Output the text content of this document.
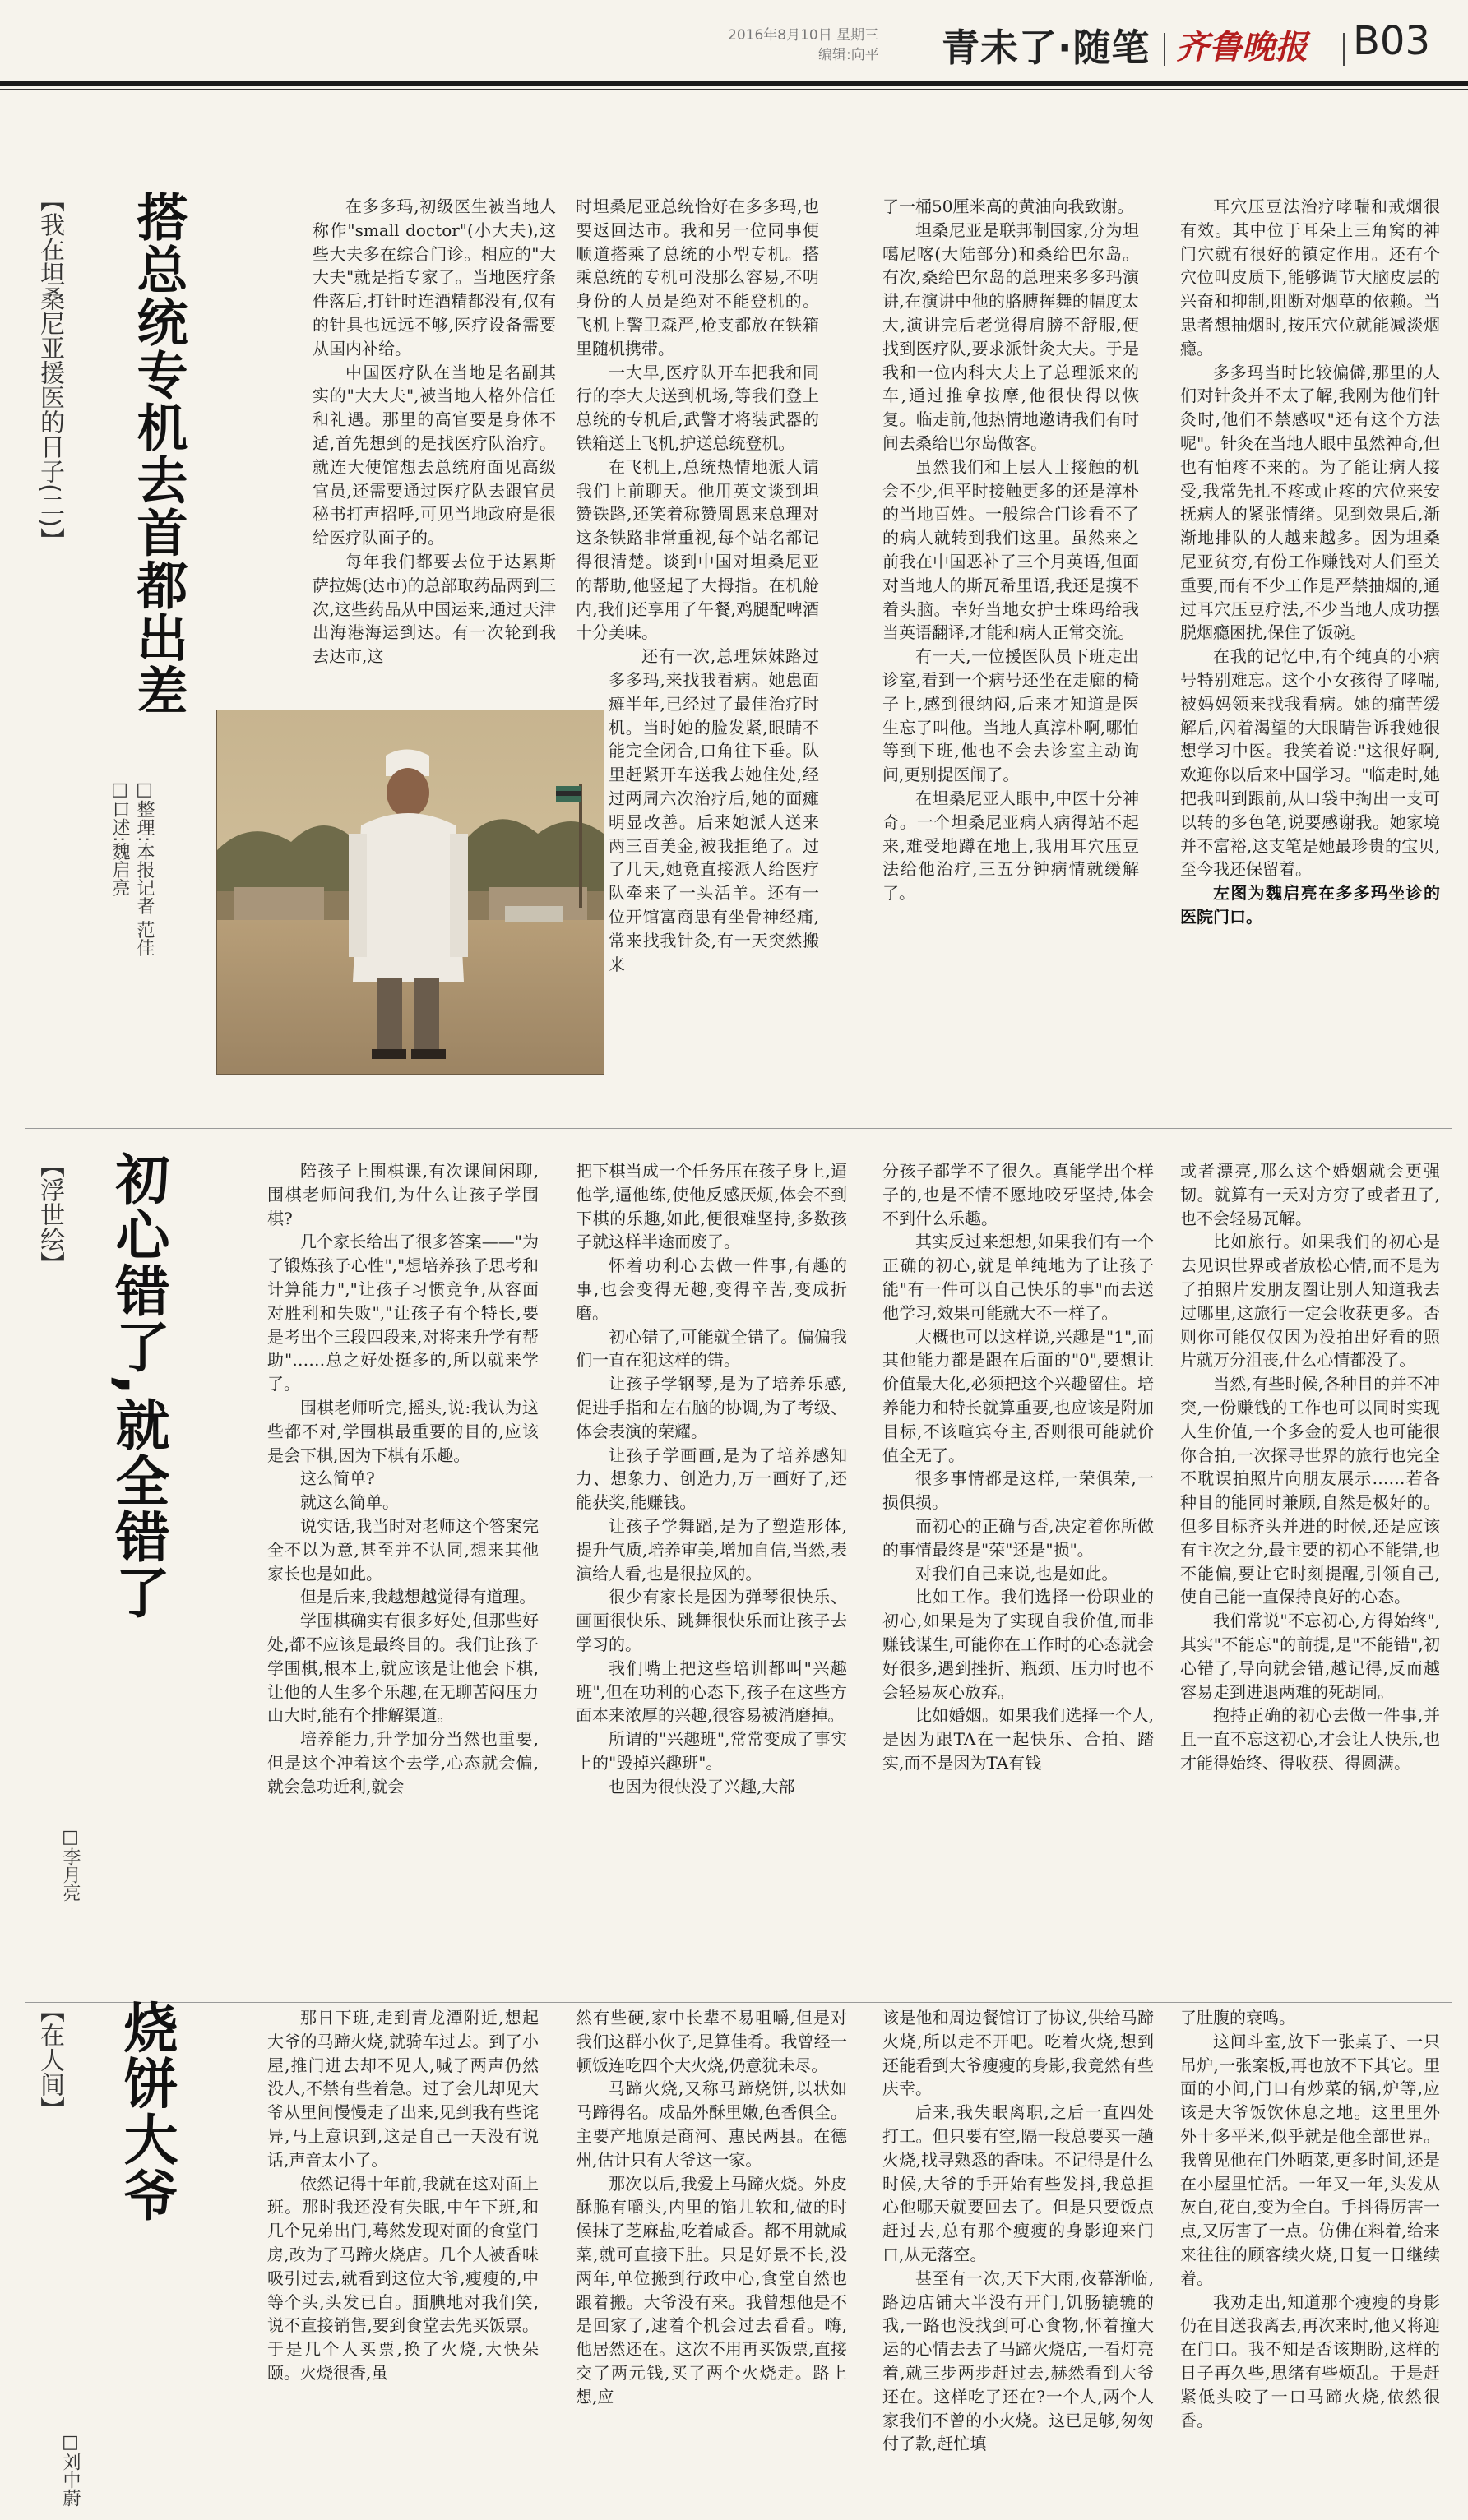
2016年8月10日 星期三
编辑:向平 青未了·随笔 齐鲁晚报 B03
【我在坦桑尼亚援医的日子(二)】 搭总统专机去首都出差
□整理:本报记者 范佳
□口述:魏启亮

在多多玛,初级医生被当地人称作"small doctor"(小大夫),这些大夫多在综合门诊。相应的"大大夫"就是指专家了。当地医疗条件落后,打针时连酒精都没有,仅有的针具也远远不够,医疗设备需要从国内补给。

中国医疗队在当地是名副其实的"大大夫",被当地人格外信任和礼遇。那里的高官要是身体不适,首先想到的是找医疗队治疗。就连大使馆想去总统府面见高级官员,还需要通过医疗队去跟官员秘书打声招呼,可见当地政府是很给医疗队面子的。

每年我们都要去位于达累斯萨拉姆(达市)的总部取药品两到三次,这些药品从中国运来,通过天津出海港海运到达。有一次轮到我去达市,这

时坦桑尼亚总统恰好在多多玛,也要返回达市。我和另一位同事便顺道搭乘了总统的小型专机。搭乘总统的专机可没那么容易,不明身份的人员是绝对不能登机的。飞机上警卫森严,枪支都放在铁箱里随机携带。

一大早,医疗队开车把我和同行的李大夫送到机场,等我们登上总统的专机后,武警才将装武器的铁箱送上飞机,护送总统登机。

在飞机上,总统热情地派人请我们上前聊天。他用英文谈到坦赞铁路,还笑着称赞周恩来总理对这条铁路非常重视,每个站名都记得很清楚。谈到中国对坦桑尼亚的帮助,他竖起了大拇指。在机舱内,我们还享用了午餐,鸡腿配啤酒十分美味。

还有一次,总理妹妹路过多多玛,来找我看病。她患面瘫半年,已经过了最佳治疗时机。当时她的脸发紧,眼睛不能完全闭合,口角往下垂。队里赶紧开车送我去她住处,经过两周六次治疗后,她的面瘫明显改善。后来她派人送来两三百美金,被我拒绝了。过了几天,她竟直接派人给医疗队牵来了一头活羊。还有一位开馆富商患有坐骨神经痛,常来找我针灸,有一天突然搬来

了一桶50厘米高的黄油向我致谢。

坦桑尼亚是联邦制国家,分为坦噶尼喀(大陆部分)和桑给巴尔岛。有次,桑给巴尔岛的总理来多多玛演讲,在演讲中他的胳膊挥舞的幅度太大,演讲完后老觉得肩膀不舒服,便找到医疗队,要求派针灸大夫。于是我和一位内科大夫上了总理派来的车,通过推拿按摩,他很快得以恢复。临走前,他热情地邀请我们有时间去桑给巴尔岛做客。

虽然我们和上层人士接触的机会不少,但平时接触更多的还是淳朴的当地百姓。一般综合门诊看不了的病人就转到我们这里。虽然来之前我在中国恶补了三个月英语,但面对当地人的斯瓦希里语,我还是摸不着头脑。幸好当地女护士珠玛给我当英语翻译,才能和病人正常交流。

有一天,一位援医队员下班走出诊室,看到一个病号还坐在走廊的椅子上,感到很纳闷,后来才知道是医生忘了叫他。当地人真淳朴啊,哪怕等到下班,他也不会去诊室主动询问,更别提医闹了。

在坦桑尼亚人眼中,中医十分神奇。一个坦桑尼亚病人病得站不起来,难受地蹲在地上,我用耳穴压豆法给他治疗,三五分钟病情就缓解了。

耳穴压豆法治疗哮喘和戒烟很有效。其中位于耳朵上三角窝的神门穴就有很好的镇定作用。还有个穴位叫皮质下,能够调节大脑皮层的兴奋和抑制,阻断对烟草的依赖。当患者想抽烟时,按压穴位就能减淡烟瘾。

多多玛当时比较偏僻,那里的人们对针灸并不太了解,我刚为他们针灸时,他们不禁感叹"还有这个方法呢"。针灸在当地人眼中虽然神奇,但也有怕疼不来的。为了能让病人接受,我常先扎不疼或止疼的穴位来安抚病人的紧张情绪。见到效果后,渐渐地排队的人越来越多。因为坦桑尼亚贫穷,有份工作赚钱对人们至关重要,而有不少工作是严禁抽烟的,通过耳穴压豆疗法,不少当地人成功摆脱烟瘾困扰,保住了饭碗。

在我的记忆中,有个纯真的小病号特别难忘。这个小女孩得了哮喘,被妈妈领来找我看病。她的痛苦缓解后,闪着渴望的大眼睛告诉我她很想学习中医。我笑着说:"这很好啊,欢迎你以后来中国学习。"临走时,她把我叫到跟前,从口袋中掏出一支可以转的多色笔,说要感谢我。她家境并不富裕,这支笔是她最珍贵的宝贝,至今我还保留着。

左图为魏启亮在多多玛坐诊的医院门口。

【浮世绘】 初心错了,就全错了
□李月亮

陪孩子上围棋课,有次课间闲聊,围棋老师问我们,为什么让孩子学围棋?

几个家长给出了很多答案——"为了锻炼孩子心性","想培养孩子思考和计算能力","让孩子习惯竞争,从容面对胜利和失败","让孩子有个特长,要是考出个三段四段来,对将来升学有帮助"……总之好处挺多的,所以就来学了。

围棋老师听完,摇头,说:我认为这些都不对,学围棋最重要的目的,应该是会下棋,因为下棋有乐趣。

这么简单?

就这么简单。

说实话,我当时对老师这个答案完全不以为意,甚至并不认同,想来其他家长也是如此。

但是后来,我越想越觉得有道理。

学围棋确实有很多好处,但那些好处,都不应该是最终目的。我们让孩子学围棋,根本上,就应该是让他会下棋,让他的人生多个乐趣,在无聊苦闷压力山大时,能有个排解渠道。

培养能力,升学加分当然也重要,但是这个冲着这个去学,心态就会偏,就会急功近利,就会

把下棋当成一个任务压在孩子身上,逼他学,逼他练,使他反感厌烦,体会不到下棋的乐趣,如此,便很难坚持,多数孩子就这样半途而废了。

怀着功利心去做一件事,有趣的事,也会变得无趣,变得辛苦,变成折磨。

初心错了,可能就全错了。偏偏我们一直在犯这样的错。

让孩子学钢琴,是为了培养乐感,促进手指和左右脑的协调,为了考级、体会表演的荣耀。

让孩子学画画,是为了培养感知力、想象力、创造力,万一画好了,还能获奖,能赚钱。

让孩子学舞蹈,是为了塑造形体,提升气质,培养审美,增加自信,当然,表演给人看,也是很拉风的。

很少有家长是因为弹琴很快乐、画画很快乐、跳舞很快乐而让孩子去学习的。

我们嘴上把这些培训都叫"兴趣班",但在功利的心态下,孩子在这些方面本来浓厚的兴趣,很容易被消磨掉。

所谓的"兴趣班",常常变成了事实上的"毁掉兴趣班"。

也因为很快没了兴趣,大部

分孩子都学不了很久。真能学出个样子的,也是不情不愿地咬牙坚持,体会不到什么乐趣。

其实反过来想想,如果我们有一个正确的初心,就是单纯地为了让孩子能"有一件可以自己快乐的事"而去送他学习,效果可能就大不一样了。

大概也可以这样说,兴趣是"1",而其他能力都是跟在后面的"0",要想让价值最大化,必须把这个兴趣留住。培养能力和特长就算重要,也应该是附加目标,不该喧宾夺主,否则很可能就价值全无了。

很多事情都是这样,一荣俱荣,一损俱损。

而初心的正确与否,决定着你所做的事情最终是"荣"还是"损"。

对我们自己来说,也是如此。

比如工作。我们选择一份职业的初心,如果是为了实现自我价值,而非赚钱谋生,可能你在工作时的心态就会好很多,遇到挫折、瓶颈、压力时也不会轻易灰心放弃。

比如婚姻。如果我们选择一个人,是因为跟TA在一起快乐、合拍、踏实,而不是因为TA有钱

或者漂亮,那么这个婚姻就会更强韧。就算有一天对方穷了或者丑了,也不会轻易瓦解。

比如旅行。如果我们的初心是去见识世界或者放松心情,而不是为了拍照片发朋友圈让别人知道我去过哪里,这旅行一定会收获更多。否则你可能仅仅因为没拍出好看的照片就万分沮丧,什么心情都没了。

当然,有些时候,各种目的并不冲突,一份赚钱的工作也可以同时实现人生价值,一个多金的爱人也可能很你合拍,一次探寻世界的旅行也完全不耽误拍照片向朋友展示……若各种目的能同时兼顾,自然是极好的。但多目标齐头并进的时候,还是应该有主次之分,最主要的初心不能错,也不能偏,要让它时刻提醒,引领自己,使自己能一直保持良好的心态。

我们常说"不忘初心,方得始终",其实"不能忘"的前提,是"不能错",初心错了,导向就会错,越记得,反而越容易走到进退两难的死胡同。

抱持正确的初心去做一件事,并且一直不忘这初心,才会让人快乐,也才能得始终、得收获、得圆满。

【在人间】 烧饼大爷
□刘中蔚

那日下班,走到青龙潭附近,想起大爷的马蹄火烧,就骑车过去。到了小屋,推门进去却不见人,喊了两声仍然没人,不禁有些着急。过了会儿却见大爷从里间慢慢走了出来,见到我有些诧异,马上意识到,这是自己一天没有说话,声音太小了。

依然记得十年前,我就在这对面上班。那时我还没有失眠,中午下班,和几个兄弟出门,蓦然发现对面的食堂门房,改为了马蹄火烧店。几个人被香味吸引过去,就看到这位大爷,瘦瘦的,中等个头,头发已白。腼腆地对我们笑,说不直接销售,要到食堂去先买饭票。于是几个人买票,换了火烧,大快朵颐。火烧很香,虽

然有些硬,家中长辈不易咀嚼,但是对我们这群小伙子,足算佳肴。我曾经一顿饭连吃四个大火烧,仍意犹未尽。

马蹄火烧,又称马蹄烧饼,以状如马蹄得名。成品外酥里嫩,色香俱全。主要产地原是商河、惠民两县。在德州,估计只有大爷这一家。

那次以后,我爱上马蹄火烧。外皮酥脆有嚼头,内里的馅儿软和,做的时候抹了芝麻盐,吃着咸香。都不用就咸菜,就可直接下肚。只是好景不长,没两年,单位搬到行政中心,食堂自然也跟着搬。大爷没有来。我曾想他是不是回家了,逮着个机会过去看看。嗨,他居然还在。这次不用再买饭票,直接交了两元钱,买了两个火烧走。路上想,应

该是他和周边餐馆订了协议,供给马蹄火烧,所以走不开吧。吃着火烧,想到还能看到大爷瘦瘦的身影,我竟然有些庆幸。

后来,我失眠离职,之后一直四处打工。但只要有空,隔一段总要买一趟火烧,找寻熟悉的香味。不记得是什么时候,大爷的手开始有些发抖,我总担心他哪天就要回去了。但是只要饭点赶过去,总有那个瘦瘦的身影迎来门口,从无落空。

甚至有一次,天下大雨,夜幕渐临,路边店铺大半没有开门,饥肠辘辘的我,一路也没找到可心食物,怀着撞大运的心情去去了马蹄火烧店,一看灯亮着,就三步两步赶过去,赫然看到大爷还在。这样吃了还在?一个人,两个人家我们不曾的小火烧。这已足够,匆匆付了款,赶忙填

了肚腹的衰鸣。

这间斗室,放下一张桌子、一只吊炉,一张案板,再也放不下其它。里面的小间,门口有炒菜的锅,炉等,应该是大爷饭饮休息之地。这里里外外十多平米,似乎就是他全部世界。我曾见他在门外晒菜,更多时间,还是在小屋里忙活。一年又一年,头发从灰白,花白,变为全白。手抖得厉害一点,又厉害了一点。仿佛在料着,给来来往往的顾客续火烧,日复一日继续着。

我劝走出,知道那个瘦瘦的身影仍在目送我离去,再次来时,他又将迎在门口。我不知是否该期盼,这样的日子再久些,思绪有些烦乱。于是赶紧低头咬了一口马蹄火烧,依然很香。
